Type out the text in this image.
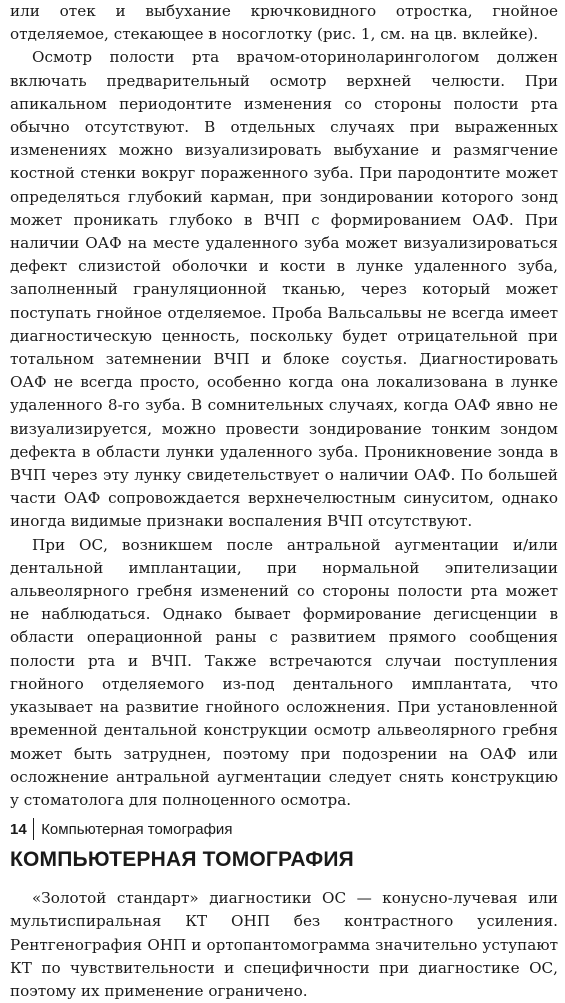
или отек и выбухание крючковидного отростка, гнойное отделяемое, стекающее в носоглотку (рис. 1, см. на цв. вклейке).

Осмотр полости рта врачом-оториноларингологом должен включать предварительный осмотр верхней челюсти. При апикальном периодонтите изменения со стороны полости рта обычно отсутствуют. В отдельных случаях при выраженных изменениях можно визуализировать выбухание и размягчение костной стенки вокруг пораженного зуба. При пародонтите может определяться глубокий карман, при зондировании которого зонд может проникать глубоко в ВЧП с формированием ОАФ. При наличии ОАФ на месте удаленного зуба может визуализироваться дефект слизистой оболочки и кости в лунке удаленного зуба, заполненный грануляционной тканью, через который может поступать гнойное отделяемое. Проба Вальсальвы не всегда имеет диагностическую ценность, поскольку будет отрицательной при тотальном затемнении ВЧП и блоке соустья. Диагностировать ОАФ не всегда просто, особенно когда она локализована в лунке удаленного 8-го зуба. В сомнительных случаях, когда ОАФ явно не визуализируется, можно провести зондирование тонким зондом дефекта в области лунки удаленного зуба. Проникновение зонда в ВЧП через эту лунку свидетельствует о наличии ОАФ. По большей части ОАФ сопровождается верхнечелюстным синуситом, однако иногда видимые признаки воспаления ВЧП отсутствуют.

При ОС, возникшем после антральной аугментации и/или дентальной имплантации, при нормальной эпителизации альвеолярного гребня изменений со стороны полости рта может не наблюдаться. Однако бывает формирование дегисценции в области операционной раны с развитием прямого сообщения полости рта и ВЧП. Также встречаются случаи поступления гнойного отделяемого из-под дентального имплантата, что указывает на развитие гнойного осложнения. При установленной временной дентальной конструкции осмотр альвеолярного гребня может быть затруднен, поэтому при подозрении на ОАФ или осложнение антральной аугментации следует снять конструкцию у стоматолога для полноценного осмотра.

КОМПЬЮТЕРНАЯ ТОМОГРАФИЯ

«Золотой стандарт» диагностики ОС — конусно-лучевая или мультиспиральная КТ ОНП без контрастного усиления. Рентгенография ОНП и ортопантомограмма значительно уступают КТ по чувствительности и специфичности при диагностике ОС, поэтому их применение ограничено.

14 Компьютерная томография
